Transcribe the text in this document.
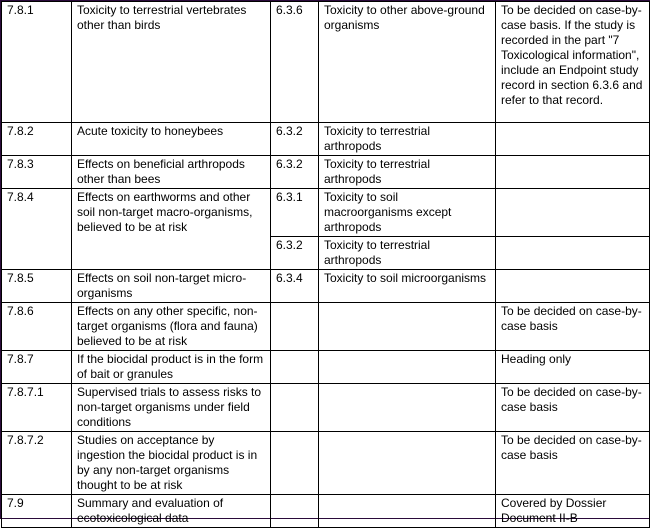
7.8.1	Toxicity to terrestrial vertebrates other than birds	6.3.6	Toxicity to other above-ground organisms	To be decided on case-by-case basis. If the study is recorded in the part "7 Toxicological information", include an Endpoint study record in section 6.3.6 and refer to that record.
7.8.2	Acute toxicity to honeybees	6.3.2	Toxicity to terrestrial arthropods	
7.8.3	Effects on beneficial arthropods other than bees	6.3.2	Toxicity to terrestrial arthropods	
7.8.4	Effects on earthworms and other soil non-target macro-organisms, believed to be at risk	6.3.1	Toxicity to soil macroorganisms except arthropods	
		6.3.2	Toxicity to terrestrial arthropods	
7.8.5	Effects on soil non-target micro-organisms	6.3.4	Toxicity to soil microorganisms	
7.8.6	Effects on any other specific, non-target organisms (flora and fauna) believed to be at risk			To be decided on case-by-case basis
7.8.7	If the biocidal product is in the form of bait or granules			Heading only
7.8.7.1	Supervised trials to assess risks to non-target organisms under field conditions			To be decided on case-by-case basis
7.8.7.2	Studies on acceptance by ingestion the biocidal product is in by any non-target organisms thought to be at risk			To be decided on case-by-case basis
7.9	Summary and evaluation of ecotoxicological data			Covered by Dossier Document II-B
